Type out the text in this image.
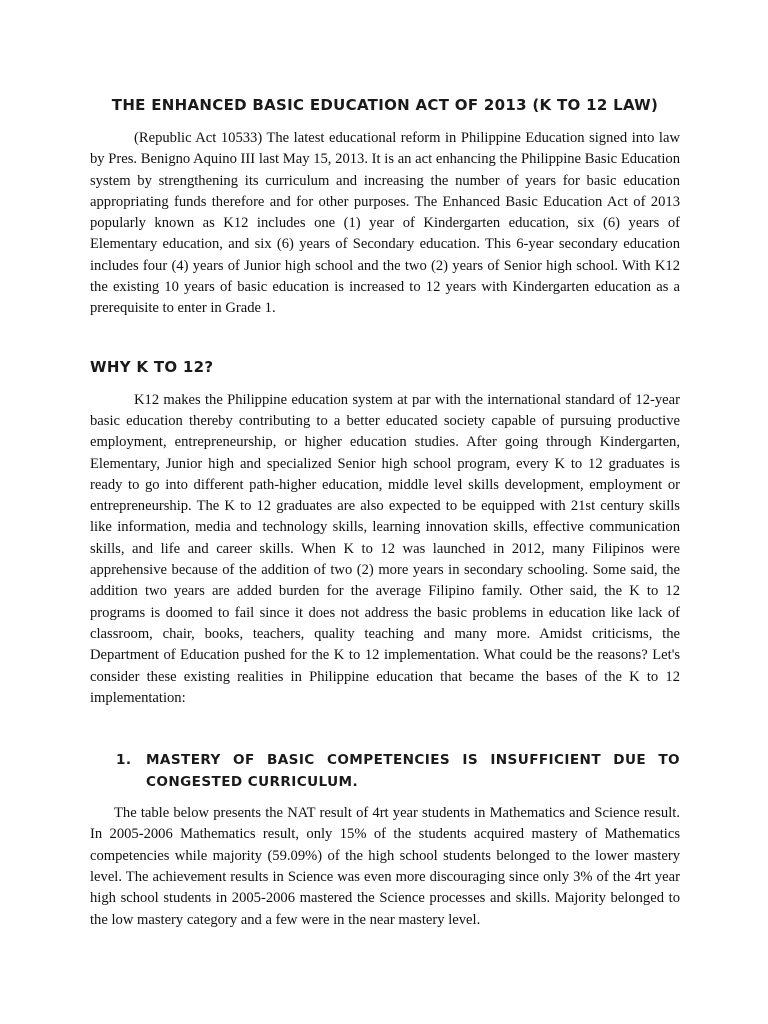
THE ENHANCED BASIC EDUCATION ACT OF 2013 (K TO 12 LAW)

(Republic Act 10533) The latest educational reform in Philippine Education signed into law by Pres. Benigno Aquino III last May 15, 2013. It is an act enhancing the Philippine Basic Education system by strengthening its curriculum and increasing the number of years for basic education appropriating funds therefore and for other purposes. The Enhanced Basic Education Act of 2013 popularly known as K12 includes one (1) year of Kindergarten education, six (6) years of Elementary education, and six (6) years of Secondary education. This 6-year secondary education includes four (4) years of Junior high school and the two (2) years of Senior high school. With K12 the existing 10 years of basic education is increased to 12 years with Kindergarten education as a prerequisite to enter in Grade 1.

WHY K TO 12?

K12 makes the Philippine education system at par with the international standard of 12-year basic education thereby contributing to a better educated society capable of pursuing productive employment, entrepreneurship, or higher education studies. After going through Kindergarten, Elementary, Junior high and specialized Senior high school program, every K to 12 graduates is ready to go into different path-higher education, middle level skills development, employment or entrepreneurship. The K to 12 graduates are also expected to be equipped with 21st century skills like information, media and technology skills, learning innovation skills, effective communication skills, and life and career skills. When K to 12 was launched in 2012, many Filipinos were apprehensive because of the addition of two (2) more years in secondary schooling. Some said, the addition two years are added burden for the average Filipino family. Other said, the K to 12 programs is doomed to fail since it does not address the basic problems in education like lack of classroom, chair, books, teachers, quality teaching and many more. Amidst criticisms, the Department of Education pushed for the K to 12 implementation. What could be the reasons? Let's consider these existing realities in Philippine education that became the bases of the K to 12 implementation:

1.	MASTERY OF BASIC COMPETENCIES IS INSUFFICIENT DUE TO CONGESTED CURRICULUM.

The table below presents the NAT result of 4rt year students in Mathematics and Science result. In 2005-2006 Mathematics result, only 15% of the students acquired mastery of Mathematics competencies while majority (59.09%) of the high school students belonged to the lower mastery level. The achievement results in Science was even more discouraging since only 3% of the 4rt year high school students in 2005-2006 mastered the Science processes and skills. Majority belonged to the low mastery category and a few were in the near mastery level.
